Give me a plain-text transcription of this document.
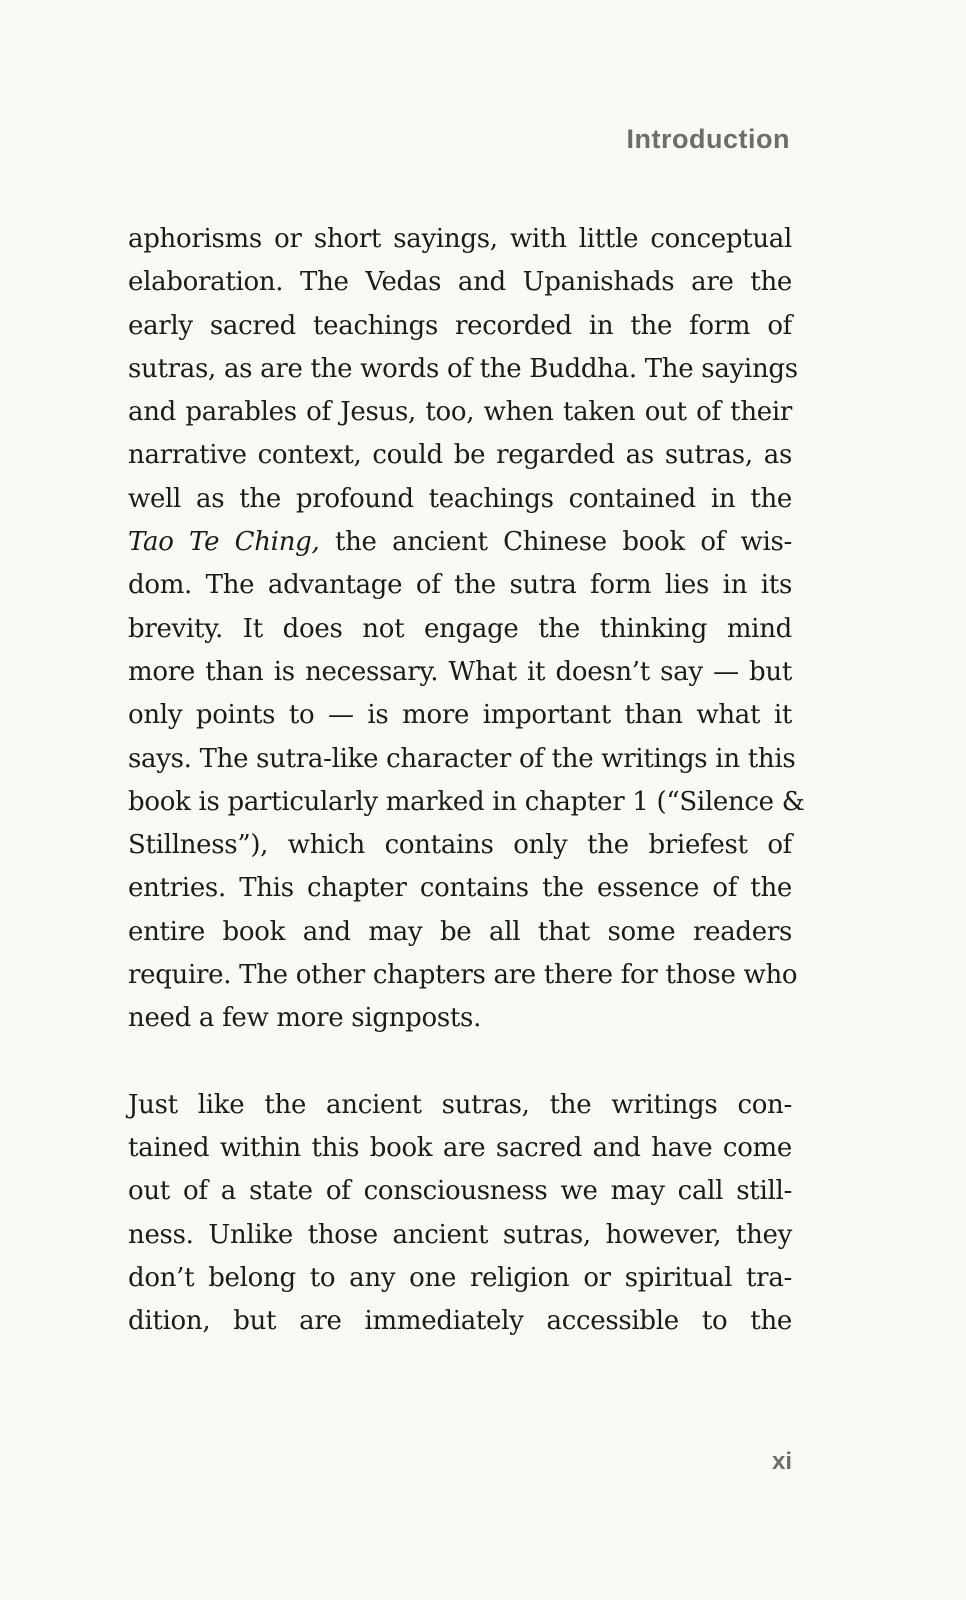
Introduction
aphorisms or short sayings, with little conceptual
elaboration. The Vedas and Upanishads are the
early sacred teachings recorded in the form of
sutras, as are the words of the Buddha. The sayings
and parables of Jesus, too, when taken out of their
narrative context, could be regarded as sutras, as
well as the profound teachings contained in the
Tao Te Ching, the ancient Chinese book of wis-
dom. The advantage of the sutra form lies in its
brevity. It does not engage the thinking mind
more than is necessary. What it doesn’t say — but
only points to — is more important than what it
says. The sutra-like character of the writings in this
book is particularly marked in chapter 1 (“Silence &
Stillness”), which contains only the briefest of
entries. This chapter contains the essence of the
entire book and may be all that some readers
require. The other chapters are there for those who
need a few more signposts.
Just like the ancient sutras, the writings con-
tained within this book are sacred and have come
out of a state of consciousness we may call still-
ness. Unlike those ancient sutras, however, they
don’t belong to any one religion or spiritual tra-
dition, but are immediately accessible to the
xi
